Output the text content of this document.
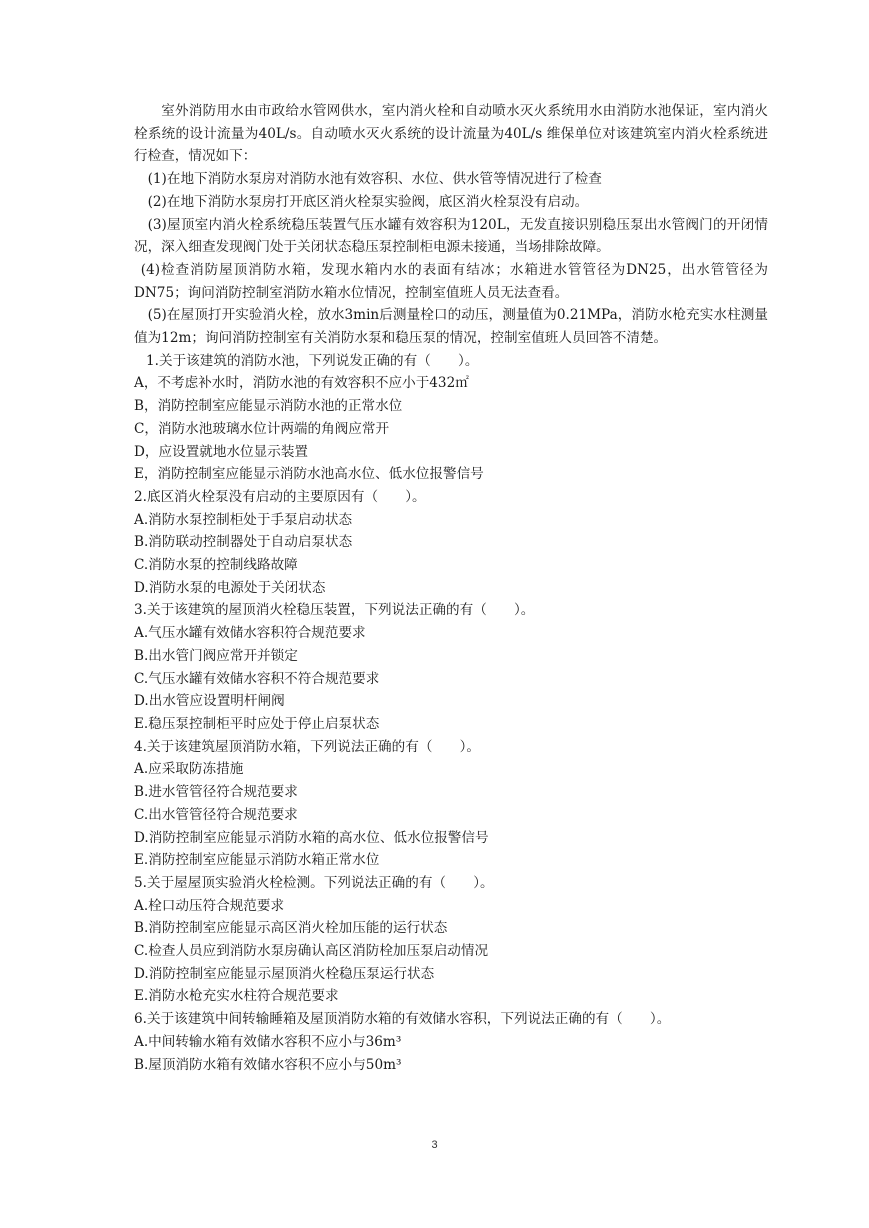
室外消防用水由市政给水管网供水，室内消火栓和自动喷水灭火系统用水由消防水池保证，室内消火栓系统的设计流量为40L/s。自动喷水灭火系统的设计流量为40L/s 维保单位对该建筑室内消火栓系统进行检查，情况如下：

(1)在地下消防水泵房对消防水池有效容积、水位、供水管等情况进行了检查

(2)在地下消防水泵房打开底区消火栓泵实验阀，底区消火栓泵没有启动。

(3)屋顶室内消火栓系统稳压装置气压水罐有效容积为120L，无发直接识别稳压泵出水管阀门的开闭情况，深入细查发现阀门处于关闭状态稳压泵控制柜电源未接通，当场排除故障。

(4)检查消防屋顶消防水箱，发现水箱内水的表面有结冰；水箱进水管管径为DN25，出水管管径为DN75；询问消防控制室消防水箱水位情况，控制室值班人员无法查看。

(5)在屋顶打开实验消火栓，放水3min后测量栓口的动压，测量值为0.21MPa，消防水枪充实水柱测量值为12m；询问消防控制室有关消防水泵和稳压泵的情况，控制室值班人员回答不清楚。

1.关于该建筑的消防水池，下列说发正确的有（　　）。

A，不考虑补水时，消防水池的有效容积不应小于432㎡

B，消防控制室应能显示消防水池的正常水位

C，消防水池玻璃水位计两端的角阀应常开

D，应设置就地水位显示装置

E，消防控制室应能显示消防水池高水位、低水位报警信号

2.底区消火栓泵没有启动的主要原因有（　　）。

A.消防水泵控制柜处于手泵启动状态

B.消防联动控制器处于自动启泵状态

C.消防水泵的控制线路故障

D.消防水泵的电源处于关闭状态

3.关于该建筑的屋顶消火栓稳压装置，下列说法正确的有（　　）。

A.气压水罐有效储水容积符合规范要求

B.出水管门阀应常开并锁定

C.气压水罐有效储水容积不符合规范要求

D.出水管应设置明杆闸阀

E.稳压泵控制柜平时应处于停止启泵状态

4.关于该建筑屋顶消防水箱，下列说法正确的有（　　）。

A.应采取防冻措施

B.进水管管径符合规范要求

C.出水管管径符合规范要求

D.消防控制室应能显示消防水箱的高水位、低水位报警信号

E.消防控制室应能显示消防水箱正常水位

5.关于屋屋顶实验消火栓检测。下列说法正确的有（　　）。

A.栓口动压符合规范要求

B.消防控制室应能显示高区消火栓加压能的运行状态

C.检查人员应到消防水泵房确认高区消防栓加压泵启动情况

D.消防控制室应能显示屋顶消火栓稳压泵运行状态

E.消防水枪充实水柱符合规范要求

6.关于该建筑中间转输睡箱及屋顶消防水箱的有效储水容积，下列说法正确的有（　　）。

A.中间转输水箱有效储水容积不应小与36m³

B.屋顶消防水箱有效储水容积不应小与50m³

3
